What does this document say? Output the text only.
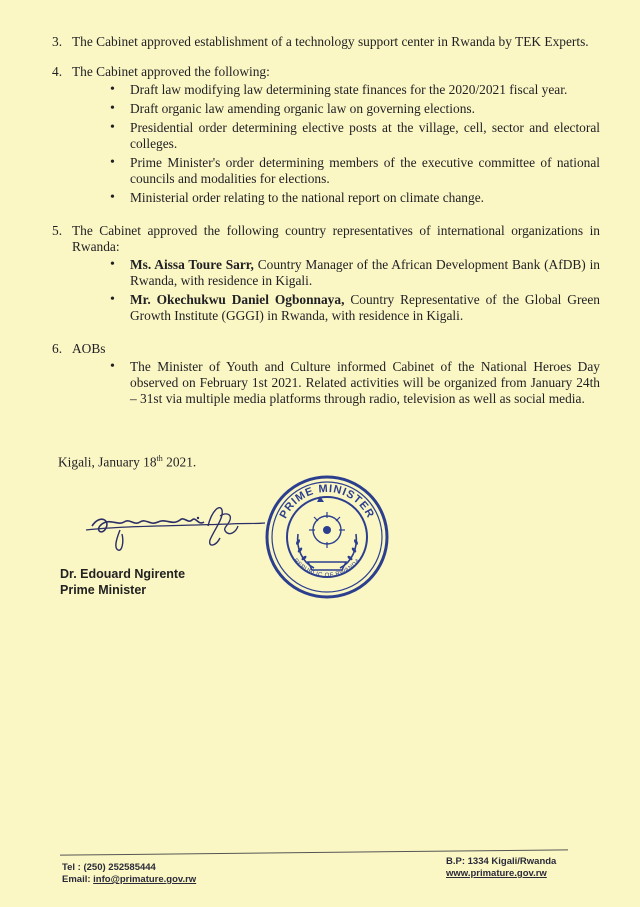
3. The Cabinet approved establishment of a technology support center in Rwanda by TEK Experts.
4. The Cabinet approved the following:
• Draft law modifying law determining state finances for the 2020/2021 fiscal year.
• Draft organic law amending organic law on governing elections.
• Presidential order determining elective posts at the village, cell, sector and electoral colleges.
• Prime Minister's order determining members of the executive committee of national councils and modalities for elections.
• Ministerial order relating to the national report on climate change.
5. The Cabinet approved the following country representatives of international organizations in Rwanda:
• Ms. Aissa Toure Sarr, Country Manager of the African Development Bank (AfDB) in Rwanda, with residence in Kigali.
• Mr. Okechukwu Daniel Ogbonnaya, Country Representative of the Global Green Growth Institute (GGGI) in Rwanda, with residence in Kigali.
6. AOBs
• The Minister of Youth and Culture informed Cabinet of the National Heroes Day observed on February 1st 2021. Related activities will be organized from January 24th – 31st via multiple media platforms through radio, television as well as social media.
Kigali, January 18th 2021.
Dr. Edouard Ngirente
Prime Minister
PRIME MINISTER
REPUBLIC OF RWANDA
Tel : (250) 252585444
Email: info@primature.gov.rw
B.P: 1334 Kigali/Rwanda
www.primature.gov.rw
